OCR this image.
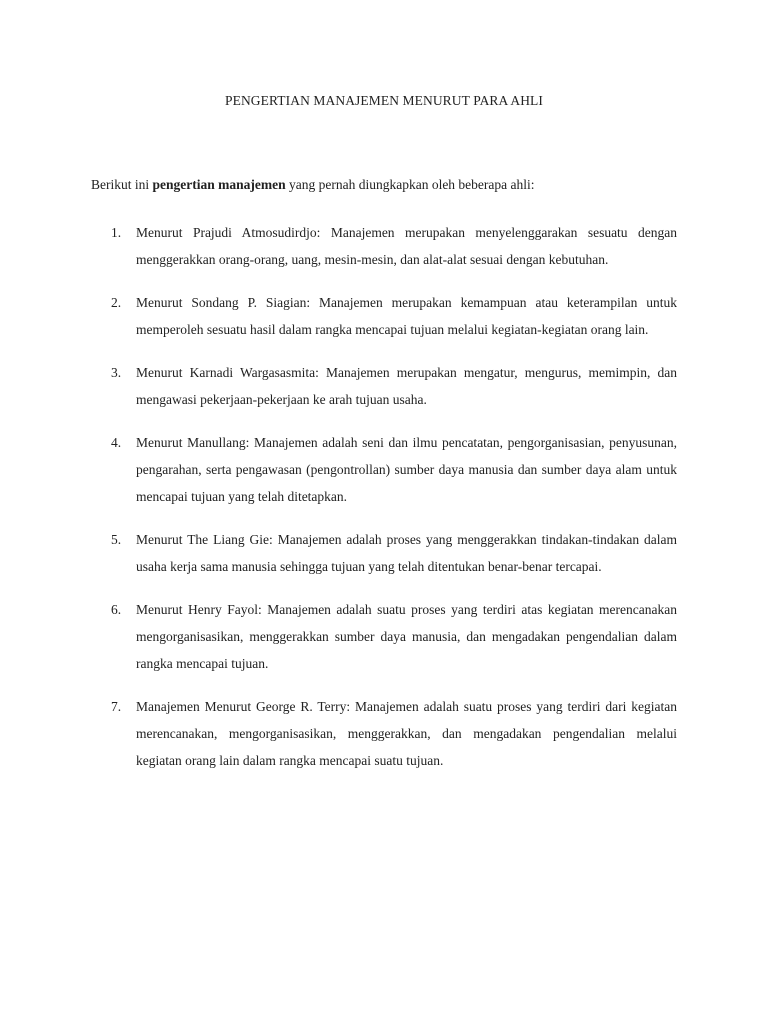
PENGERTIAN MANAJEMEN MENURUT PARA AHLI

Berikut ini pengertian manajemen yang pernah diungkapkan oleh beberapa ahli:

1. Menurut Prajudi Atmosudirdjo: Manajemen merupakan menyelenggarakan sesuatu dengan menggerakkan orang-orang, uang, mesin-mesin, dan alat-alat sesuai dengan kebutuhan.
2. Menurut Sondang P. Siagian: Manajemen merupakan kemampuan atau keterampilan untuk memperoleh sesuatu hasil dalam rangka mencapai tujuan melalui kegiatan-kegiatan orang lain.
3. Menurut Karnadi Wargasasmita: Manajemen merupakan mengatur, mengurus, memimpin, dan mengawasi pekerjaan-pekerjaan ke arah tujuan usaha.
4. Menurut Manullang: Manajemen adalah seni dan ilmu pencatatan, pengorganisasian, penyusunan, pengarahan, serta pengawasan (pengontrollan) sumber daya manusia dan sumber daya alam untuk mencapai tujuan yang telah ditetapkan.
5. Menurut The Liang Gie: Manajemen adalah proses yang menggerakkan tindakan-tindakan dalam usaha kerja sama manusia sehingga tujuan yang telah ditentukan benar-benar tercapai.
6. Menurut Henry Fayol: Manajemen adalah suatu proses yang terdiri atas kegiatan merencanakan mengorganisasikan, menggerakkan sumber daya manusia, dan mengadakan pengendalian dalam rangka mencapai tujuan.
7. Manajemen Menurut George R. Terry: Manajemen adalah suatu proses yang terdiri dari kegiatan merencanakan, mengorganisasikan, menggerakkan, dan mengadakan pengendalian melalui kegiatan orang lain dalam rangka mencapai suatu tujuan.
